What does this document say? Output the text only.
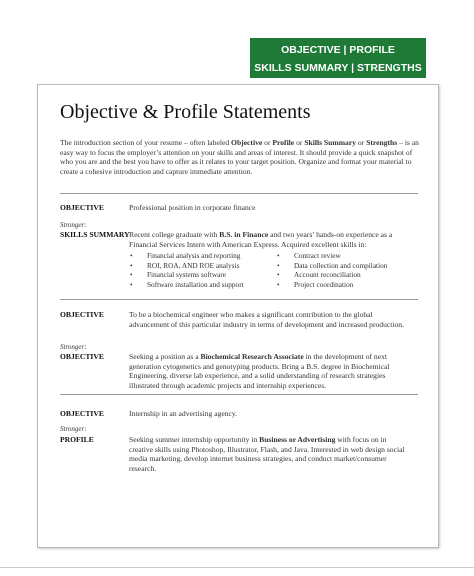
OBJECTIVE | PROFILE
SKILLS SUMMARY | STRENGTHS
Objective & Profile Statements
The introduction section of your resume – often labeled Objective or Profile or Skills Summary or Strengths – is an easy way to focus the employer’s attention on your skills and areas of interest. It should provide a quick snapshot of who you are and the best you have to offer as it relates to your target position. Organize and format your material to create a cohesive introduction and capture immediate attention.
OBJECTIVE	Professional position in corporate finance
Stronger:
SKILLS SUMMARY Recent college graduate with B.S. in Finance and two years’ hands-on experience as a Financial Services Intern with American Express. Acquired excellent skills in:
• Financial analysis and reporting
• ROI, ROA, AND ROE analysis
• Financial systems software
• Software installation and support
• Contract review
• Data collection and compilation
• Account reconciliation
• Project coordination
OBJECTIVE	To be a biochemical engineer who makes a significant contribution to the global advancement of this particular industry in terms of development and increased production.
Stronger:
OBJECTIVE	Seeking a position as a Biochemical Research Associate in the development of next generation cytogenetics and genotyping products. Bring a B.S. degree in Biochemical Engineering, diverse lab experience, and a solid understanding of research strategies illustrated through academic projects and internship experiences.
OBJECTIVE	Internship in an advertising agency.
Stronger:
PROFILE	Seeking summer internship opportunity in Business or Advertising with focus on in creative skills using Photoshop, Illustrator, Flash, and Java. Interested in web design social media marketing, develop internet business strategies, and conduct market/consumer research.
